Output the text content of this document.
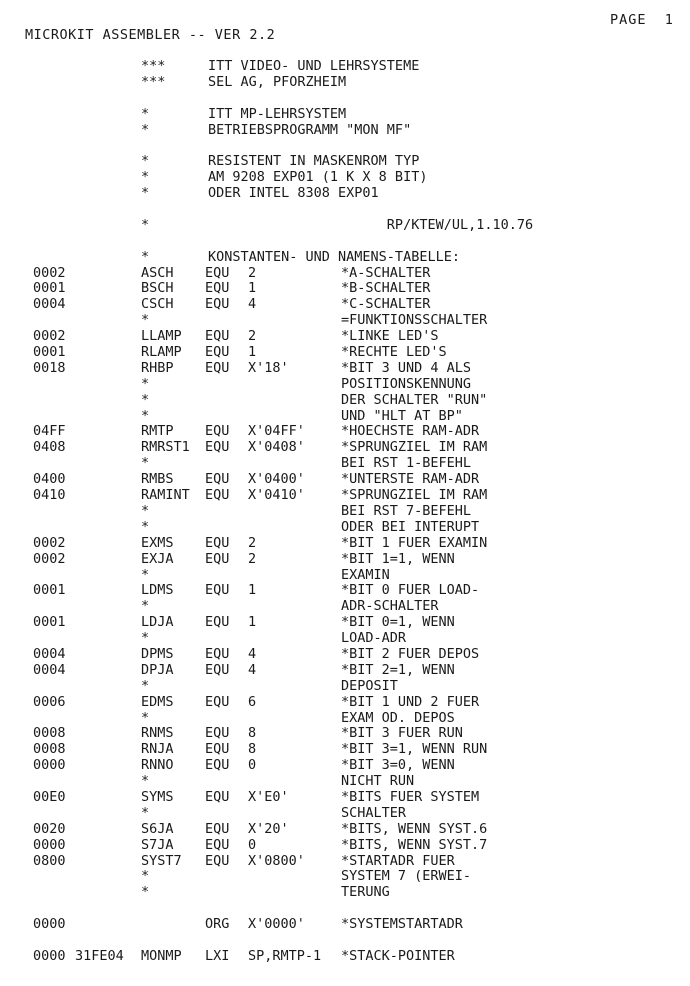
PAGE 1
MICROKIT ASSEMBLER -- VER 2.2
***	ITT VIDEO- UND LEHRSYSTEME
***	SEL AG, PFORZHEIM
*	ITT MP-LEHRSYSTEM
*	BETRIEBSPROGRAMM "MON MF"
*	RESISTENT IN MASKENROM TYP
*	AM 9208 EXP01 (1 K X 8 BIT)
*	ODER INTEL 8308 EXP01
*	RP/KTEW/UL,1.10.76
*	KONSTANTEN- UND NAMENS-TABELLE:
0002	ASCH EQU 2	*A-SCHALTER
0001	BSCH EQU 1	*B-SCHALTER
0004	CSCH EQU 4	*C-SCHALTER
*	=FUNKTIONSSCHALTER
0002	LLAMP EQU 2	*LINKE LED'S
0001	RLAMP EQU 1	*RECHTE LED'S
0018	RHBP EQU X'18'	*BIT 3 UND 4 ALS
*	POSITIONSKENNUNG
*	DER SCHALTER "RUN"
*	UND "HLT AT BP"
04FF	RMTP EQU X'04FF'	*HOECHSTE RAM-ADR
0408	RMRST1 EQU X'0408'	*SPRUNGZIEL IM RAM
*	BEI RST 1-BEFEHL
0400	RMBS EQU X'0400'	*UNTERSTE RAM-ADR
0410	RAMINT EQU X'0410'	*SPRUNGZIEL IM RAM
*	BEI RST 7-BEFEHL
*	ODER BEI INTERUPT
0002	EXMS EQU 2	*BIT 1 FUER EXAMIN
0002	EXJA EQU 2	*BIT 1=1, WENN
*	EXAMIN
0001	LDMS EQU 1	*BIT 0 FUER LOAD-
*	ADR-SCHALTER
0001	LDJA EQU 1	*BIT 0=1, WENN
*	LOAD-ADR
0004	DPMS EQU 4	*BIT 2 FUER DEPOS
0004	DPJA EQU 4	*BIT 2=1, WENN
*	DEPOSIT
0006	EDMS EQU 6	*BIT 1 UND 2 FUER
*	EXAM OD. DEPOS
0008	RNMS EQU 8	*BIT 3 FUER RUN
0008	RNJA EQU 8	*BIT 3=1, WENN RUN
0000	RNNO EQU 0	*BIT 3=0, WENN
*	NICHT RUN
00E0	SYMS EQU X'E0'	*BITS FUER SYSTEM
*	SCHALTER
0020	S6JA EQU X'20'	*BITS, WENN SYST.6
0000	S7JA EQU 0	*BITS, WENN SYST.7
0800	SYST7 EQU X'0800'	*STARTADR FUER
*	SYSTEM 7 (ERWEI-
*	TERUNG
0000	ORG X'0000'	*SYSTEMSTARTADR
0000 31FE04 MONMP LXI SP,RMTP-1 *STACK-POINTER
